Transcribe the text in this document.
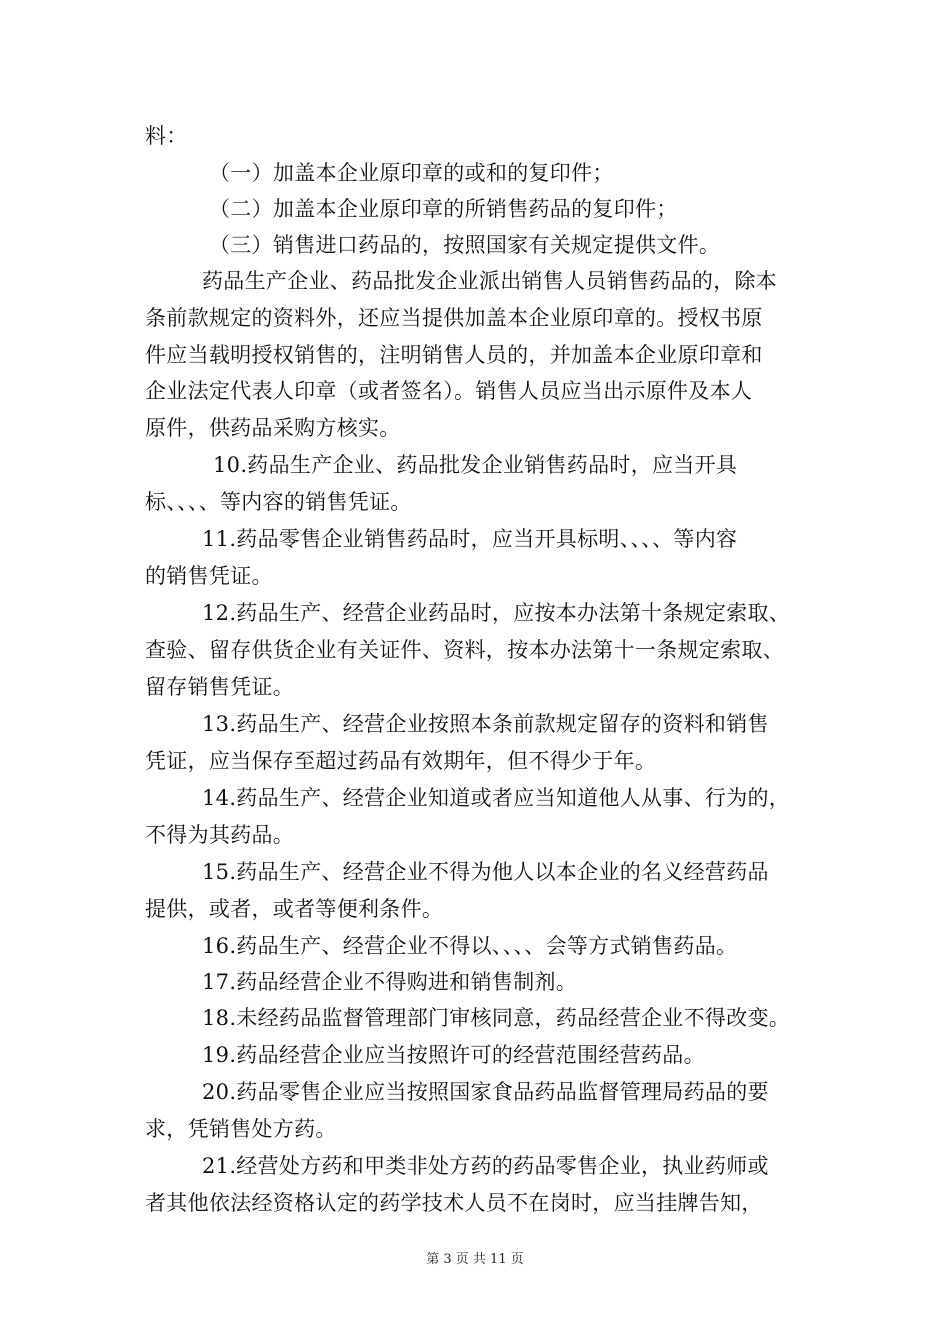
料：
（一）加盖本企业原印章的或和的复印件；
（二）加盖本企业原印章的所销售药品的复印件；
（三）销售进口药品的，按照国家有关规定提供文件。
药品生产企业、药品批发企业派出销售人员销售药品的，除本
条前款规定的资料外，还应当提供加盖本企业原印章的。授权书原
件应当载明授权销售的，注明销售人员的，并加盖本企业原印章和
企业法定代表人印章（或者签名）。销售人员应当出示原件及本人
原件，供药品采购方核实。
10.药品生产企业、药品批发企业销售药品时，应当开具
标、、、、等内容的销售凭证。
11.药品零售企业销售药品时，应当开具标明、、、、等内容
的销售凭证。
12.药品生产、经营企业药品时，应按本办法第十条规定索取、
查验、留存供货企业有关证件、资料，按本办法第十一条规定索取、
留存销售凭证。
13.药品生产、经营企业按照本条前款规定留存的资料和销售
凭证，应当保存至超过药品有效期年，但不得少于年。
14.药品生产、经营企业知道或者应当知道他人从事、行为的，
不得为其药品。
15.药品生产、经营企业不得为他人以本企业的名义经营药品
提供，或者，或者等便利条件。
16.药品生产、经营企业不得以、、、、会等方式销售药品。
17.药品经营企业不得购进和销售制剂。
18.未经药品监督管理部门审核同意，药品经营企业不得改变。
19.药品经营企业应当按照许可的经营范围经营药品。
20.药品零售企业应当按照国家食品药品监督管理局药品的要
求，凭销售处方药。
21.经营处方药和甲类非处方药的药品零售企业，执业药师或
者其他依法经资格认定的药学技术人员不在岗时，应当挂牌告知，
第 3 页 共 11 页
